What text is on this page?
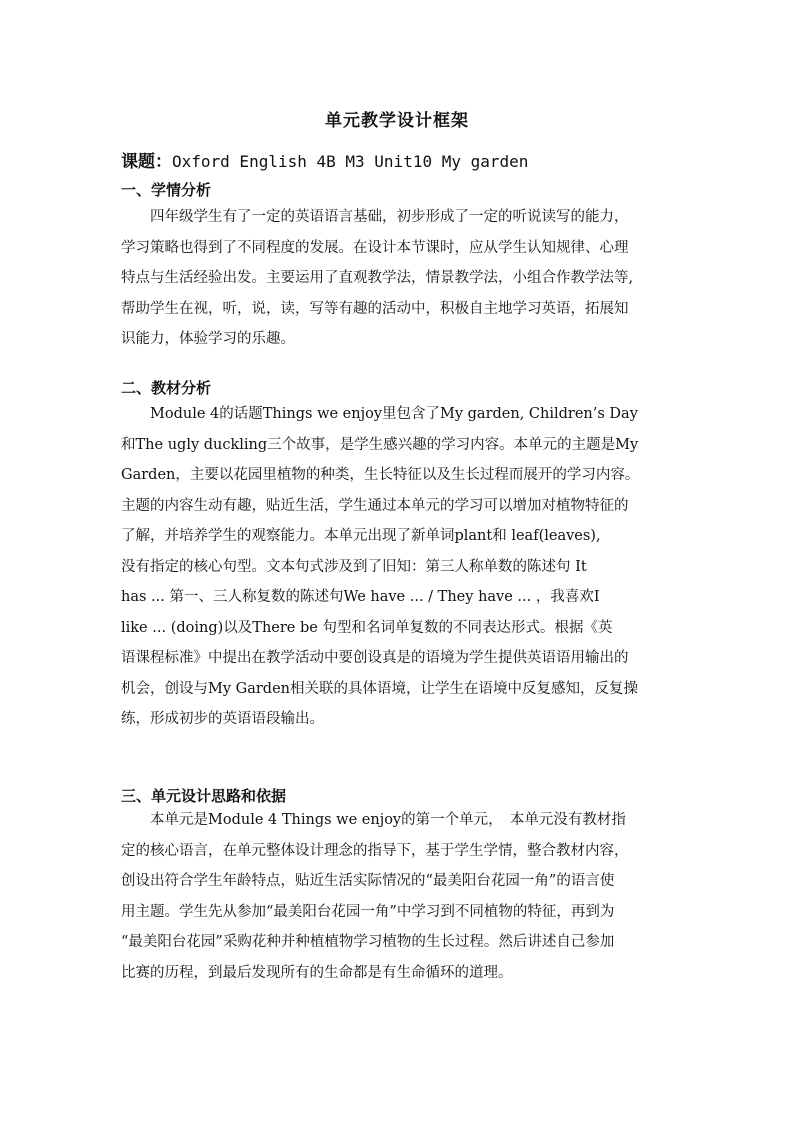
单元教学设计框架
课题：Oxford English 4B M3 Unit10 My garden
一、学情分析
　　四年级学生有了一定的英语语言基础，初步形成了一定的听说读写的能力，
学习策略也得到了不同程度的发展。在设计本节课时，应从学生认知规律、心理
特点与生活经验出发。主要运用了直观教学法，情景教学法，小组合作教学法等,
帮助学生在视，听，说，读，写等有趣的活动中，积极自主地学习英语，拓展知
识能力，体验学习的乐趣。
二、教材分析
　　Module 4的话题Things we enjoy里包含了My garden, Children’s Day
和The ugly duckling三个故事，是学生感兴趣的学习内容。本单元的主题是My
Garden，主要以花园里植物的种类，生长特征以及生长过程而展开的学习内容。
主题的内容生动有趣，贴近生活，学生通过本单元的学习可以增加对植物特征的
了解，并培养学生的观察能力。本单元出现了新单词plant和 leaf(leaves),
没有指定的核心句型。文本句式涉及到了旧知：第三人称单数的陈述句 It
has ... 第一、三人称复数的陈述句We have ... / They have ... ，我喜欢I
like ... (doing)以及There be 句型和名词单复数的不同表达形式。根据《英
语课程标准》中提出在教学活动中要创设真是的语境为学生提供英语语用输出的
机会，创设与My Garden相关联的具体语境，让学生在语境中反复感知，反复操
练，形成初步的英语语段输出。
三、单元设计思路和依据
　　本单元是Module 4 Things we enjoy的第一个单元，　本单元没有教材指
定的核心语言，在单元整体设计理念的指导下，基于学生学情，整合教材内容，
创设出符合学生年龄特点，贴近生活实际情况的“最美阳台花园一角”的语言使
用主题。学生先从参加“最美阳台花园一角”中学习到不同植物的特征，再到为
“最美阳台花园”采购花种并种植植物学习植物的生长过程。然后讲述自己参加
比赛的历程，到最后发现所有的生命都是有生命循环的道理。
